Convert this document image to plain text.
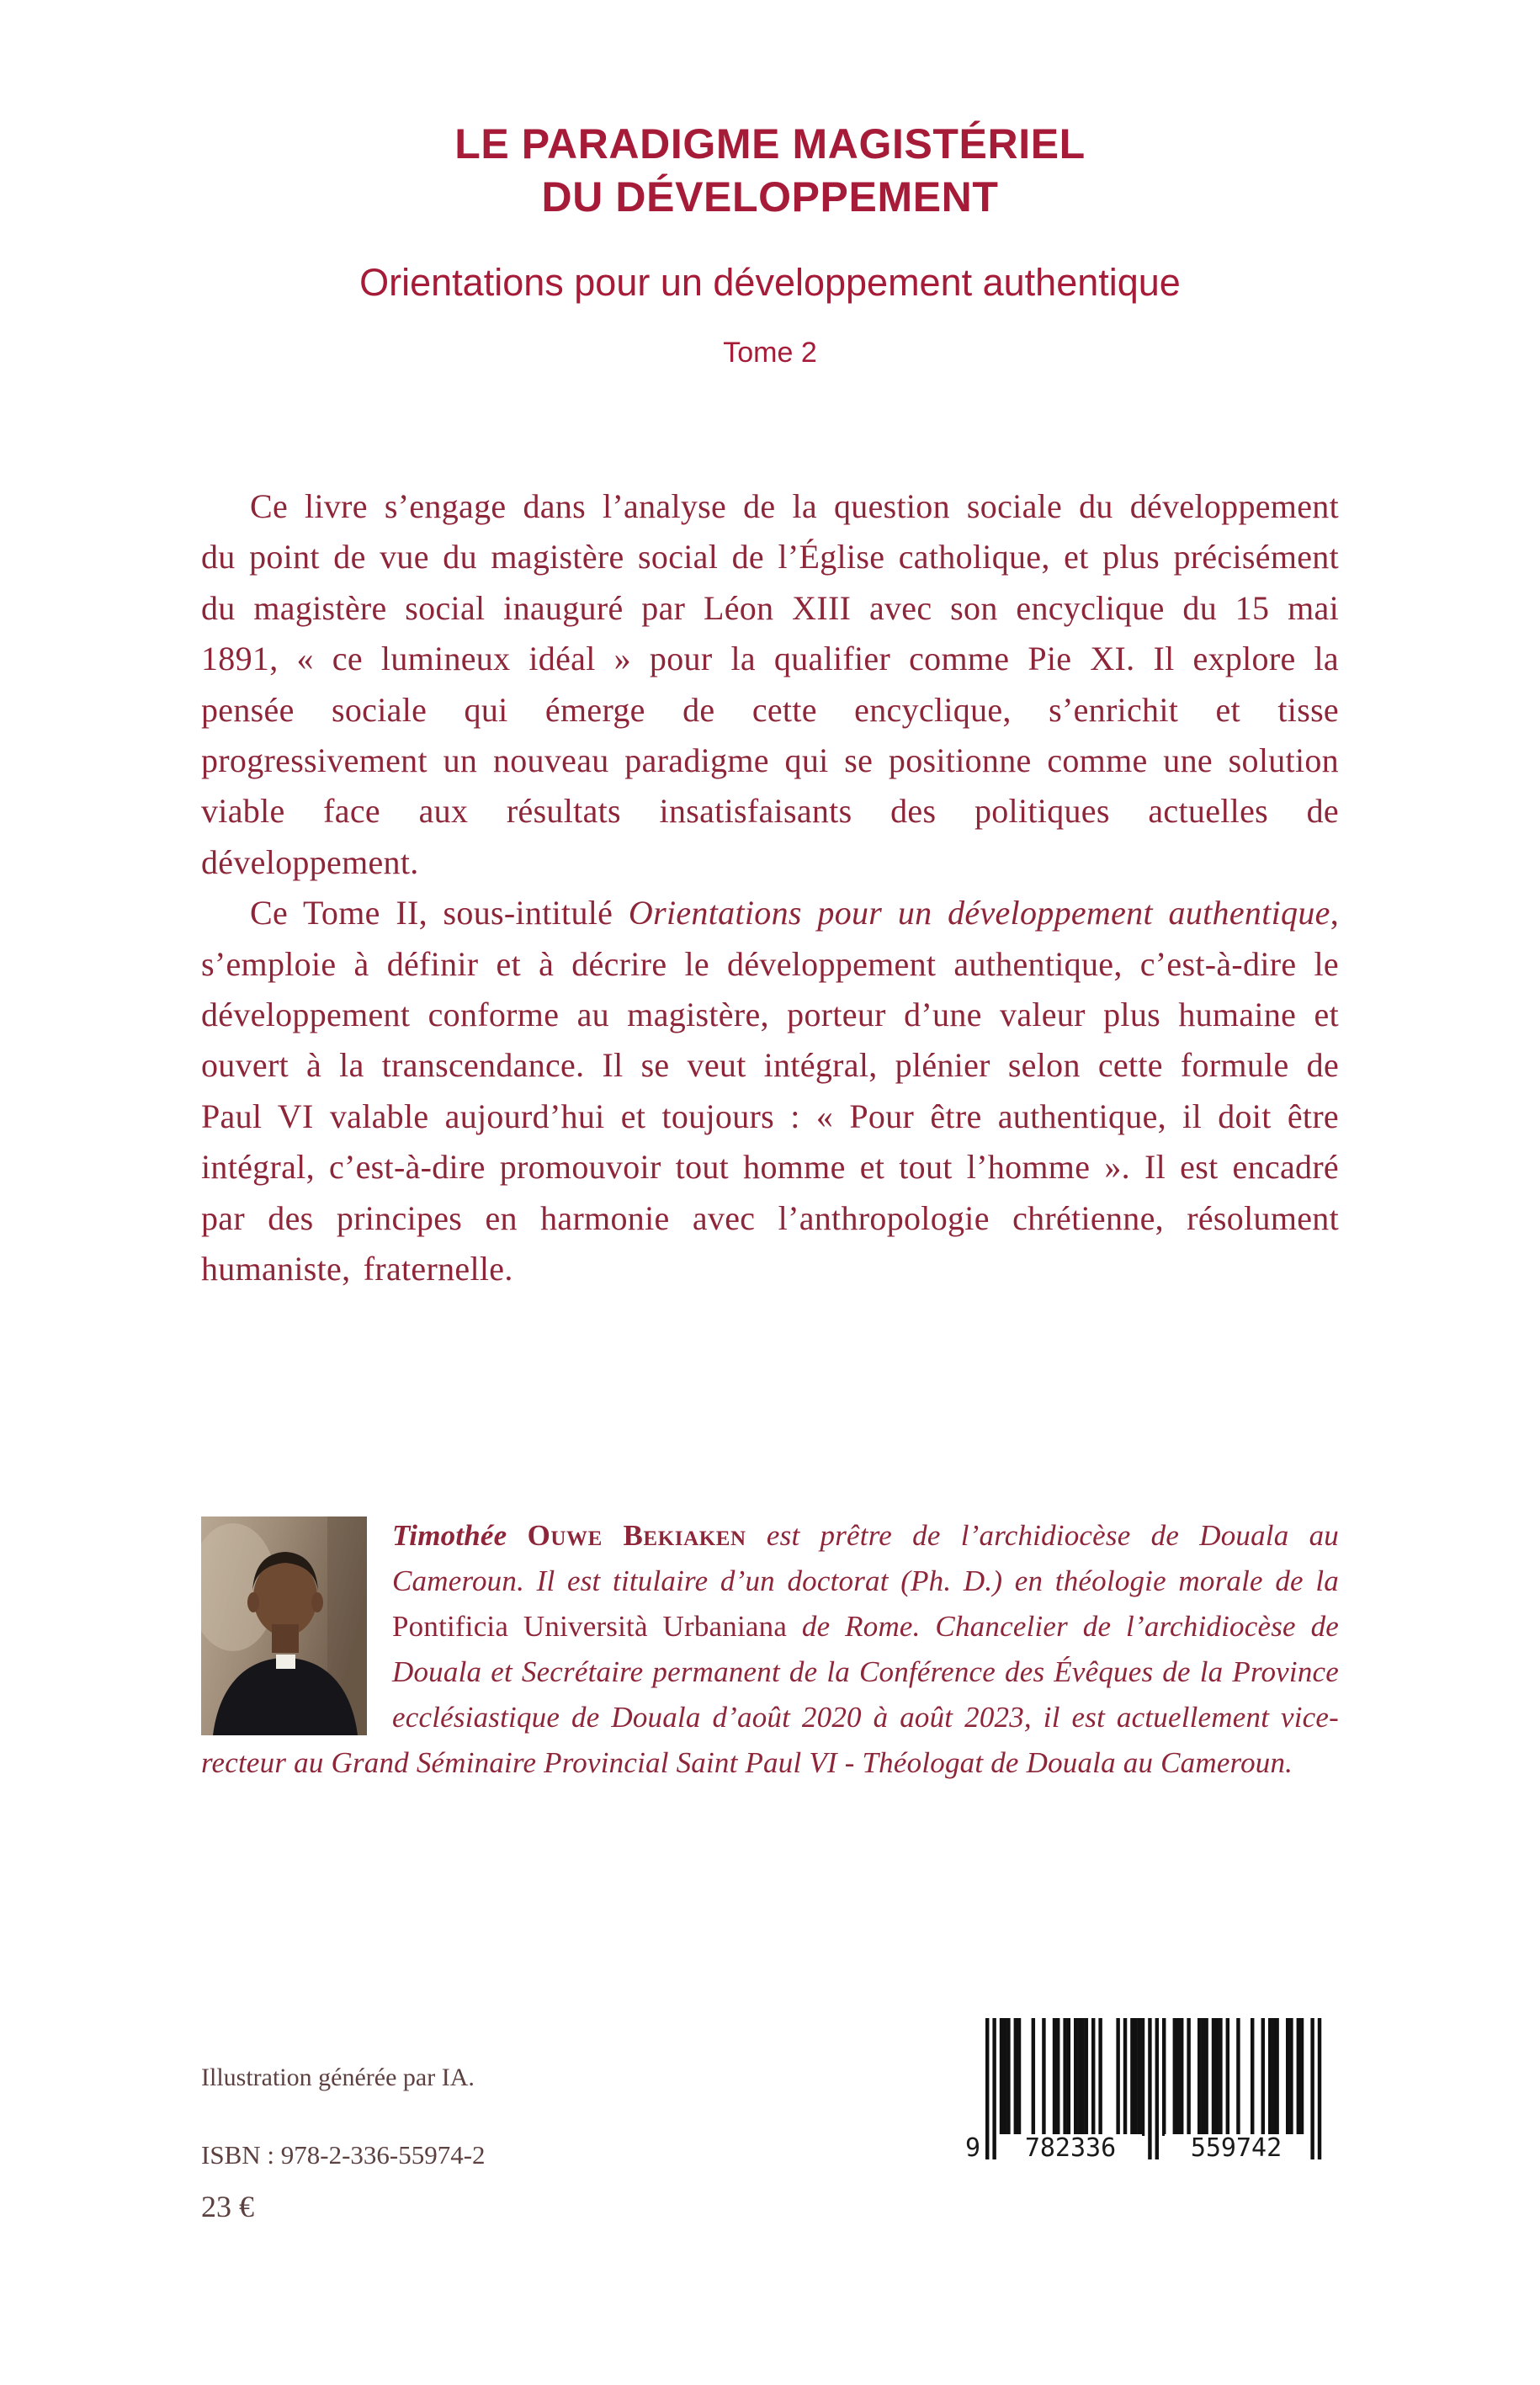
LE PARADIGME MAGISTÉRIEL
DU DÉVELOPPEMENT
Orientations pour un développement authentique
Tome 2

Ce livre s’engage dans l’analyse de la question sociale du développement du point de vue du magistère social de l’Église catholique, et plus précisément du magistère social inauguré par Léon XIII avec son encyclique du 15 mai 1891, « ce lumineux idéal » pour la qualifier comme Pie XI. Il explore la pensée sociale qui émerge de cette encyclique, s’enrichit et tisse progressivement un nouveau paradigme qui se positionne comme une solution viable face aux résultats insatisfaisants des politiques actuelles de développement.

Ce Tome II, sous-intitulé Orientations pour un développement authentique, s’emploie à définir et à décrire le développement authentique, c’est-à-dire le développement conforme au magistère, porteur d’une valeur plus humaine et ouvert à la transcendance. Il se veut intégral, plénier selon cette formule de Paul VI valable aujourd’hui et toujours : « Pour être authentique, il doit être intégral, c’est-à-dire promouvoir tout homme et tout l’homme ». Il est encadré par des principes en harmonie avec l’anthropologie chrétienne, résolument humaniste, fraternelle.

Timothée Ouwe Bekiaken est prêtre de l’archidiocèse de Douala au Cameroun. Il est titulaire d’un doctorat (Ph. D.) en théologie morale de la Pontificia Università Urbaniana de Rome. Chancelier de l’archidiocèse de Douala et Secrétaire permanent de la Conférence des Évêques de la Province ecclésiastique de Douala d’août 2020 à août 2023, il est actuellement vice-recteur au Grand Séminaire Provincial Saint Paul VI - Théologat de Douala au Cameroun.
Illustration générée par IA.
ISBN : 978-2-336-55974-2
23 €
9	782336	559742
